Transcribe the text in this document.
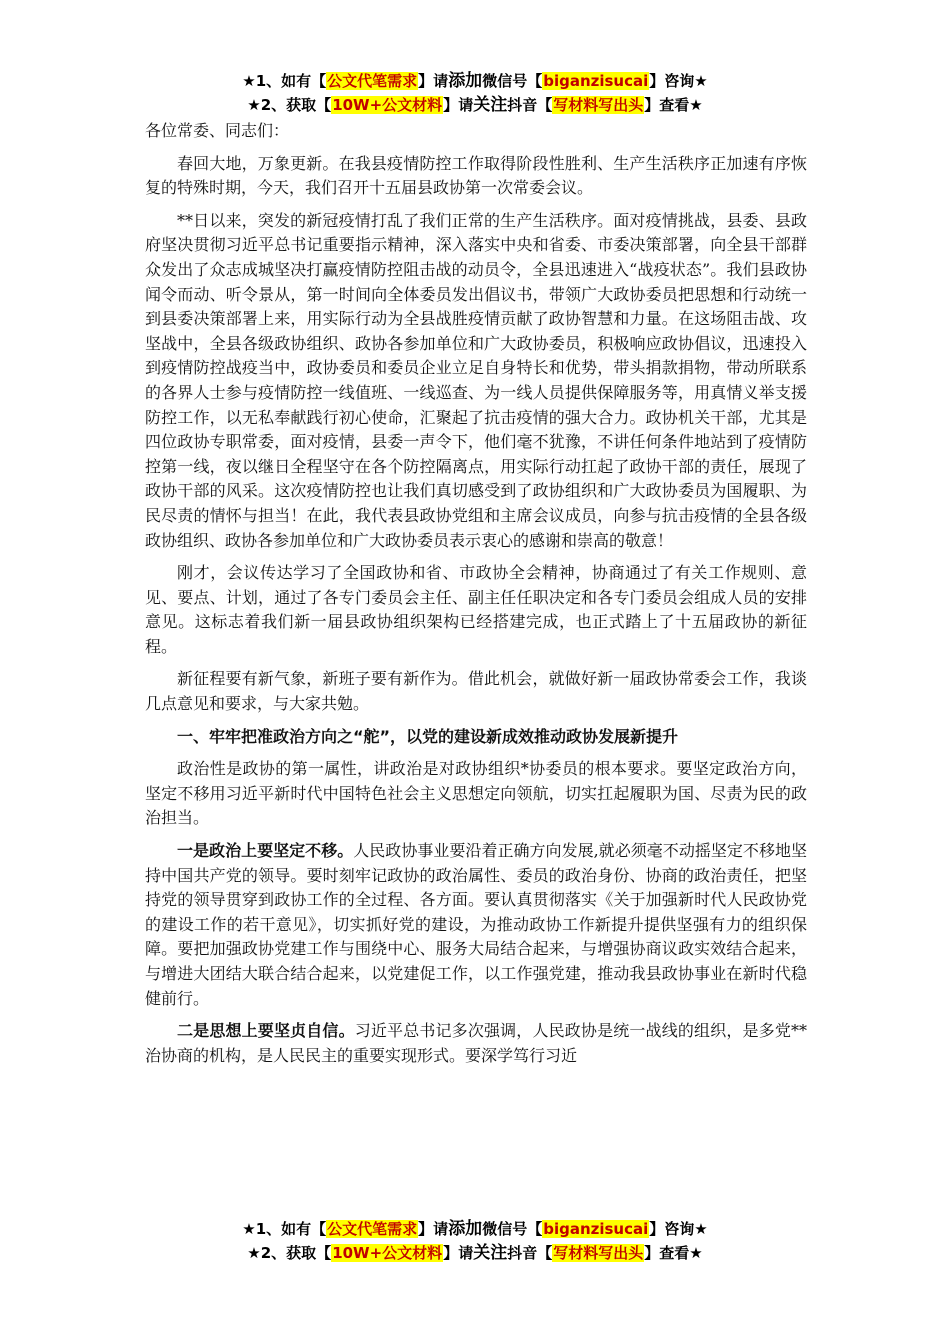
★1、如有【公文代笔需求】请添加微信号【biganzisucai】咨询★
★2、获取【10W+公文材料】请关注抖音【写材料写出头】查看★

各位常委、同志们：

春回大地，万象更新。在我县疫情防控工作取得阶段性胜利、生产生活秩序正加速有序恢复的特殊时期，今天，我们召开十五届县政协第一次常委会议。

**日以来，突发的新冠疫情打乱了我们正常的生产生活秩序。面对疫情挑战，县委、县政府坚决贯彻习近平总书记重要指示精神，深入落实中央和省委、市委决策部署，向全县干部群众发出了众志成城坚决打赢疫情防控阻击战的动员令，全县迅速进入“战疫状态”。我们县政协闻令而动、听令景从，第一时间向全体委员发出倡议书，带领广大政协委员把思想和行动统一到县委决策部署上来，用实际行动为全县战胜疫情贡献了政协智慧和力量。在这场阻击战、攻坚战中，全县各级政协组织、政协各参加单位和广大政协委员，积极响应政协倡议，迅速投入到疫情防控战疫当中，政协委员和委员企业立足自身特长和优势，带头捐款捐物，带动所联系的各界人士参与疫情防控一线值班、一线巡查、为一线人员提供保障服务等，用真情义举支援防控工作，以无私奉献践行初心使命，汇聚起了抗击疫情的强大合力。政协机关干部，尤其是四位政协专职常委，面对疫情，县委一声令下，他们毫不犹豫，不讲任何条件地站到了疫情防控第一线，夜以继日全程坚守在各个防控隔离点，用实际行动扛起了政协干部的责任，展现了政协干部的风采。这次疫情防控也让我们真切感受到了政协组织和广大政协委员为国履职、为民尽责的情怀与担当！在此，我代表县政协党组和主席会议成员，向参与抗击疫情的全县各级政协组织、政协各参加单位和广大政协委员表示衷心的感谢和崇高的敬意！

刚才，会议传达学习了全国政协和省、市政协全会精神，协商通过了有关工作规则、意见、要点、计划，通过了各专门委员会主任、副主任任职决定和各专门委员会组成人员的安排意见。这标志着我们新一届县政协组织架构已经搭建完成，也正式踏上了十五届政协的新征程。

新征程要有新气象，新班子要有新作为。借此机会，就做好新一届政协常委会工作，我谈几点意见和要求，与大家共勉。

一、牢牢把准政治方向之“舵”，以党的建设新成效推动政协发展新提升

政治性是政协的第一属性，讲政治是对政协组织*协委员的根本要求。要坚定政治方向，坚定不移用习近平新时代中国特色社会主义思想定向领航，切实扛起履职为国、尽责为民的政治担当。

一是政治上要坚定不移。人民政协事业要沿着正确方向发展,就必须毫不动摇坚定不移地坚持中国共产党的领导。要时刻牢记政协的政治属性、委员的政治身份、协商的政治责任，把坚持党的领导贯穿到政协工作的全过程、各方面。要认真贯彻落实《关于加强新时代人民政协党的建设工作的若干意见》，切实抓好党的建设，为推动政协工作新提升提供坚强有力的组织保障。要把加强政协党建工作与围绕中心、服务大局结合起来，与增强协商议政实效结合起来，与增进大团结大联合结合起来，以党建促工作，以工作强党建，推动我县政协事业在新时代稳健前行。

二是思想上要坚贞自信。习近平总书记多次强调，人民政协是统一战线的组织，是多党**治协商的机构，是人民民主的重要实现形式。要深学笃行习近

★1、如有【公文代笔需求】请添加微信号【biganzisucai】咨询★
★2、获取【10W+公文材料】请关注抖音【写材料写出头】查看★
